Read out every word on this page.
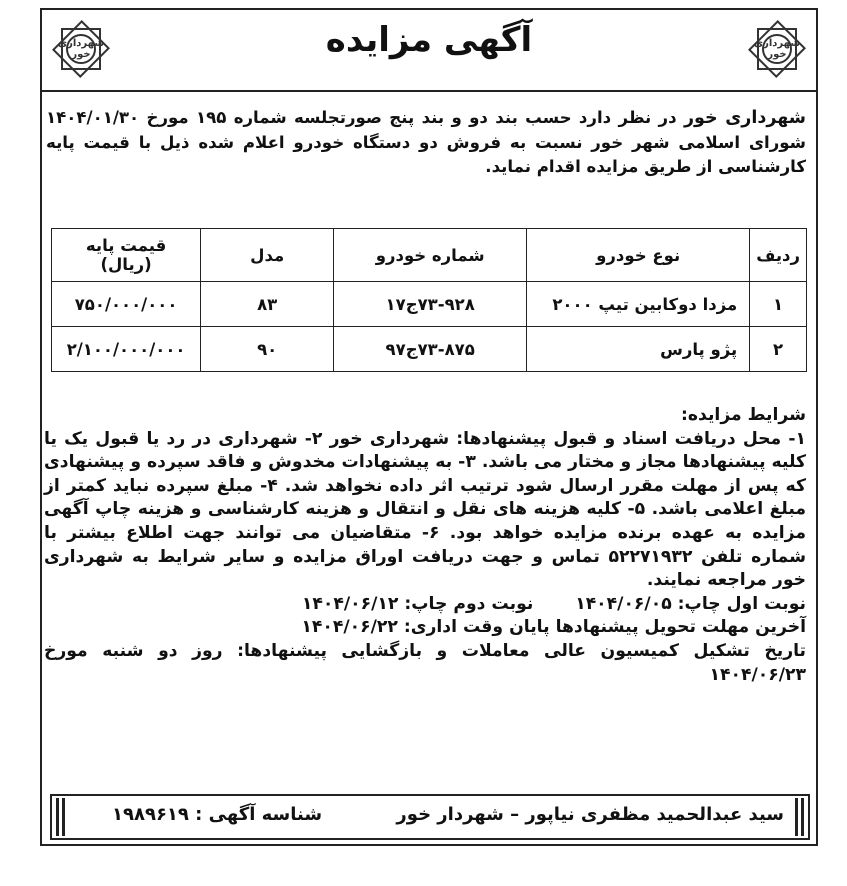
شهرداری خور
آگهی مزایده
شهرداری خور

شهرداری خور در نظر دارد حسب بند دو و بند پنج صورتجلسه شماره ۱۹۵ مورخ ۱۴۰۴/۰۱/۳۰ شورای اسلامی شهر خور نسبت به فروش دو دستگاه خودرو اعلام شده ذیل با قیمت پایه کارشناسی از طریق مزایده اقدام نماید.

ردیف	نوع خودرو	شماره خودرو	مدل	قیمت پایه (ریال)
۱	مزدا دوکابین تیپ ۲۰۰۰	۷۳-۹۲۸ج۱۷	۸۳	۷۵۰/۰۰۰/۰۰۰
۲	پژو پارس	۷۳-۸۷۵ج۹۷	۹۰	۲/۱۰۰/۰۰۰/۰۰۰

شرایط مزایده:

۱- محل دریافت اسناد و قبول پیشنهادها: شهرداری خور ۲- شهرداری در رد یا قبول یک یا کلیه پیشنهادها مجاز و مختار می باشد. ۳- به پیشنهادات مخدوش و فاقد سپرده و پیشنهادی که پس از مهلت مقرر ارسال شود ترتیب اثر داده نخواهد شد. ۴- مبلغ سپرده نباید کمتر از مبلغ اعلامی باشد. ۵- کلیه هزینه های نقل و انتقال و هزینه کارشناسی و هزینه چاپ آگهی مزایده به عهده برنده مزایده خواهد بود. ۶- متقاضیان می توانند جهت اطلاع بیشتر با شماره تلفن ۵۲۲۷۱۹۳۲ تماس و جهت دریافت اوراق مزایده و سایر شرایط به شهرداری خور مراجعه نمایند.

نوبت اول چاپ: ۱۴۰۴/۰۶/۰۵       نوبت دوم چاپ: ۱۴۰۴/۰۶/۱۲

آخرین مهلت تحویل پیشنهادها پایان وقت اداری: ۱۴۰۴/۰۶/۲۲

تاریخ تشکیل کمیسیون عالی معاملات و بازگشایی پیشنهادها: روز دو شنبه مورخ ۱۴۰۴/۰۶/۲۳

سید عبدالحمید مظفری نیاپور – شهردار خور
شناسه آگهی : ۱۹۸۹۶۱۹
